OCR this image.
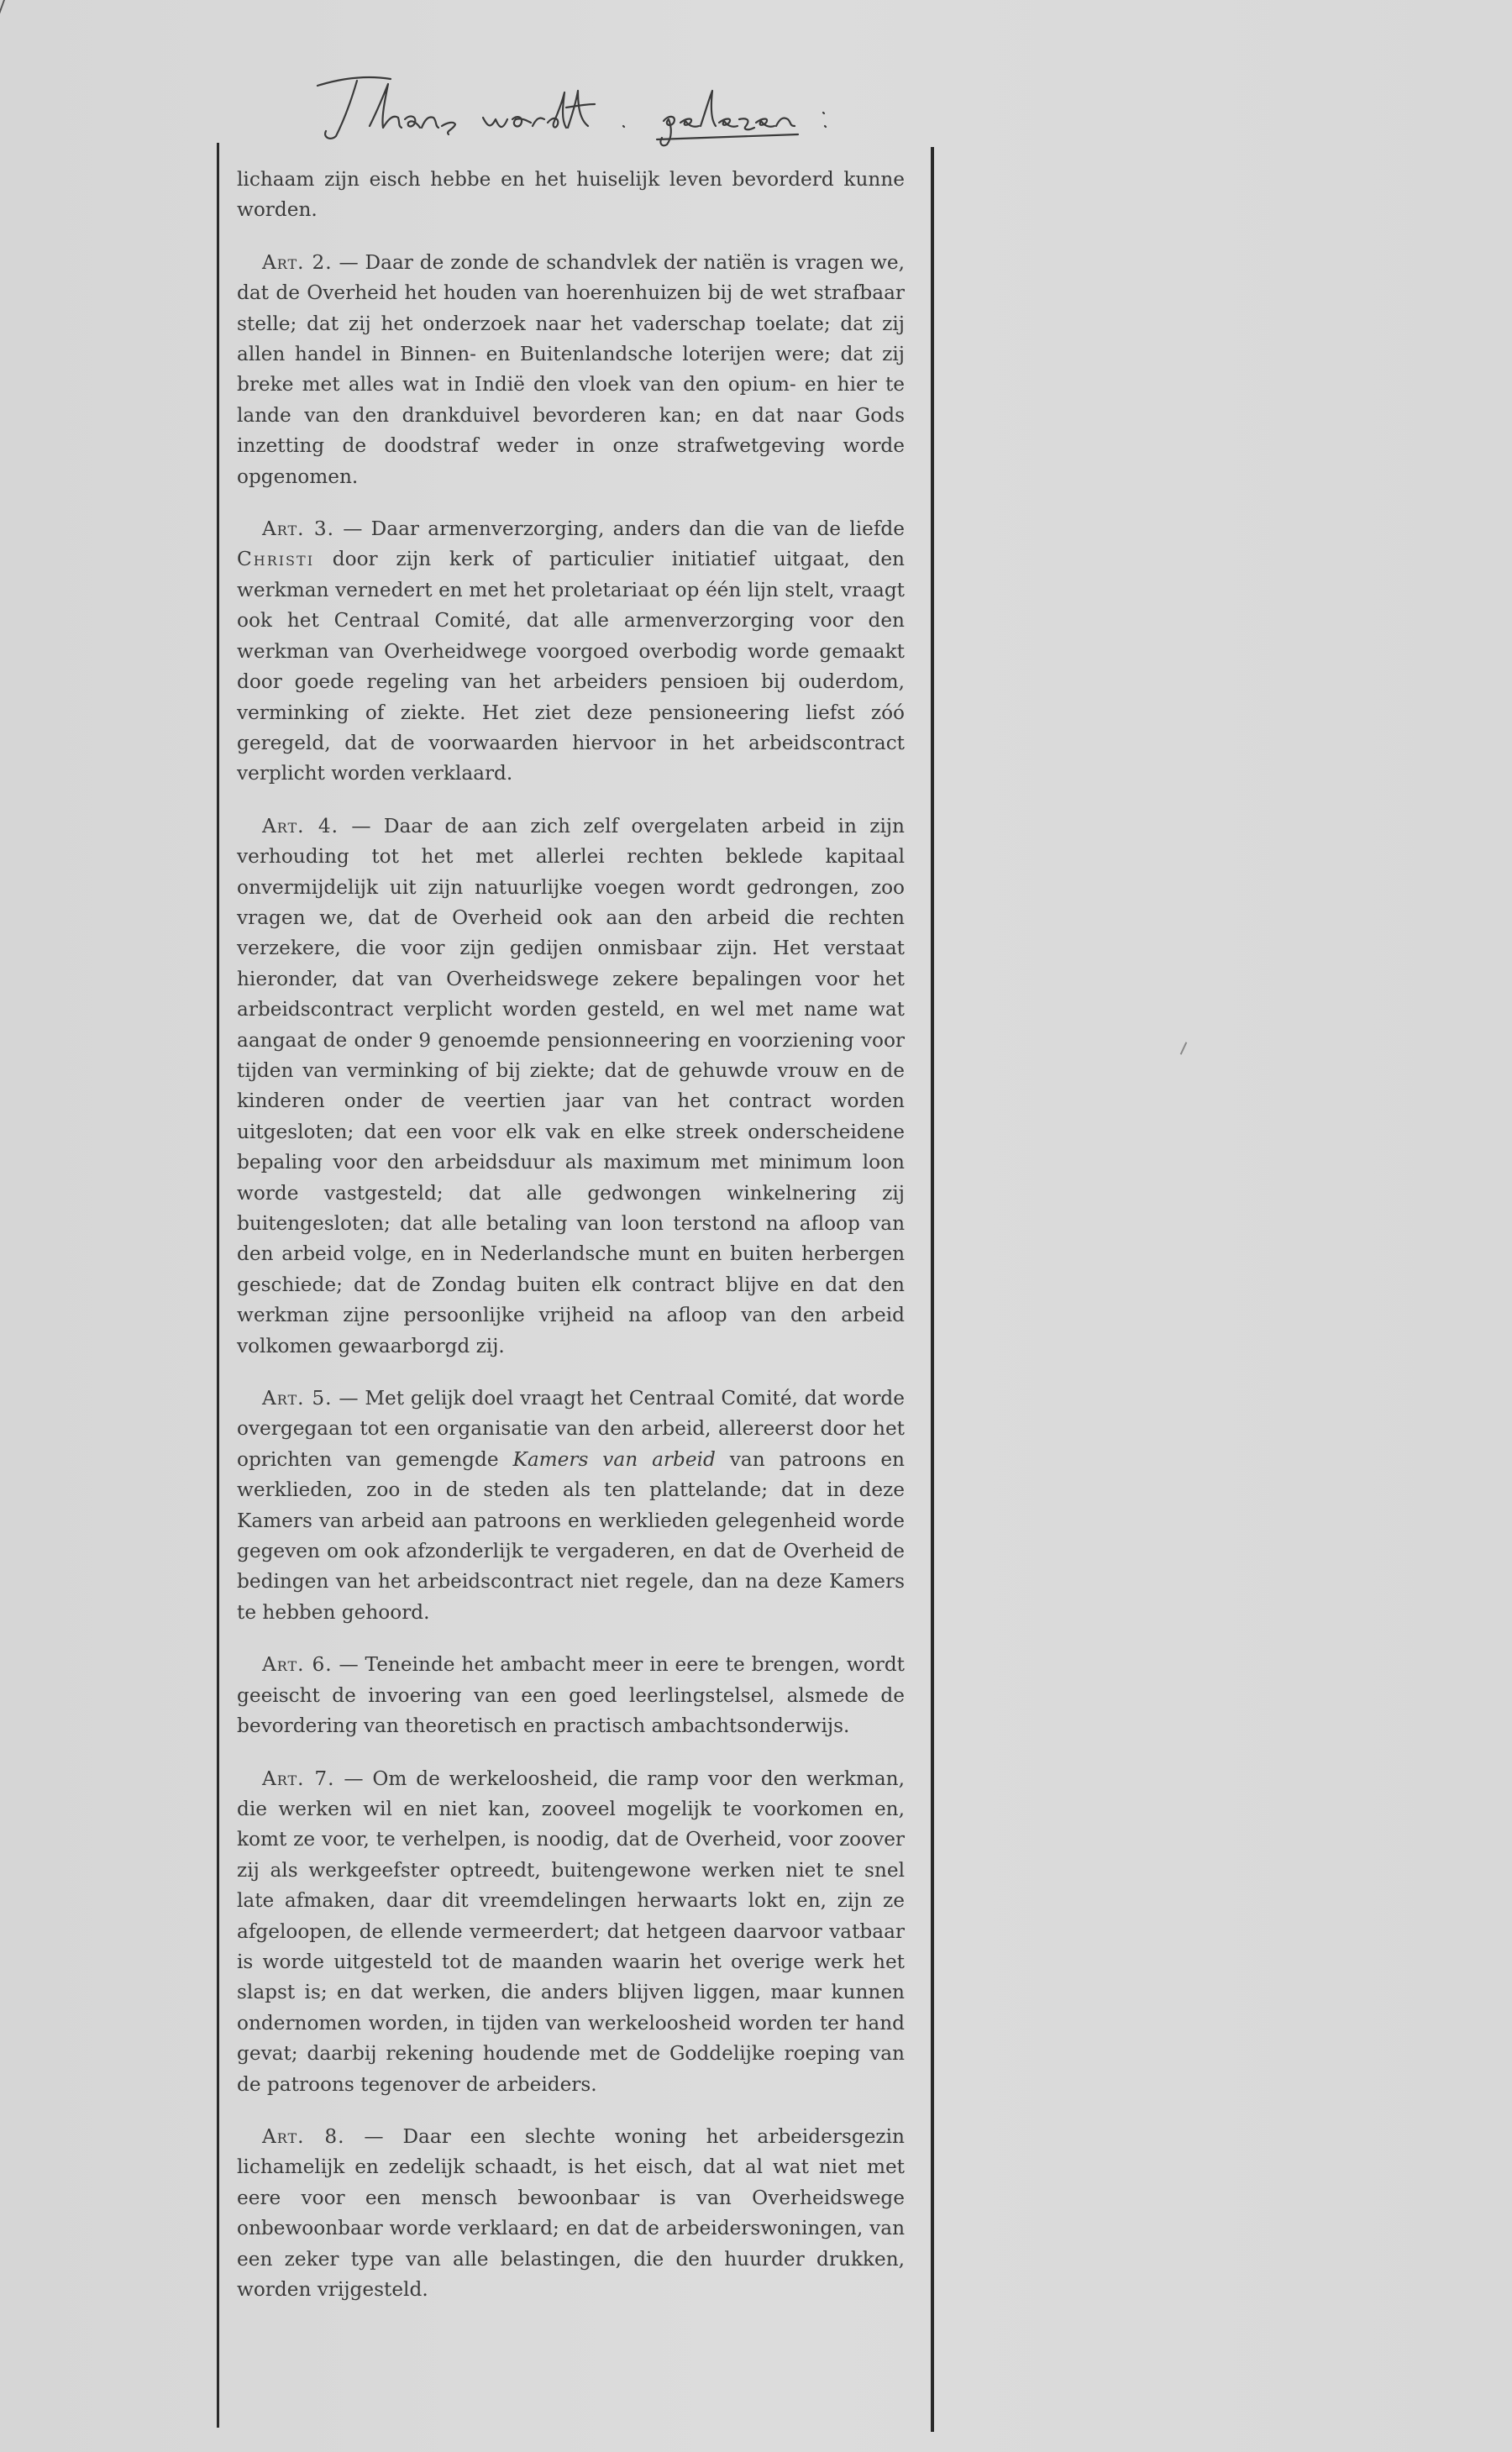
lichaam zijn eisch hebbe en het huiselijk leven bevorderd kunne worden.

Art. 2. — Daar de zonde de schandvlek der natiën is vragen we, dat de Overheid het houden van hoerenhuizen bij de wet strafbaar stelle; dat zij het onderzoek naar het vaderschap toelate; dat zij allen handel in Binnen- en Buitenlandsche loterijen were; dat zij breke met alles wat in Indië den vloek van den opium- en hier te lande van den drankduivel bevorderen kan; en dat naar Gods inzetting de doodstraf weder in onze strafwetgeving worde opgenomen.

Art. 3. — Daar armenverzorging, anders dan die van de liefde Christi door zijn kerk of particulier initiatief uitgaat, den werkman vernedert en met het proletariaat op één lijn stelt, vraagt ook het Centraal Comité, dat alle armenverzorging voor den werkman van Overheidwege voorgoed overbodig worde gemaakt door goede regeling van het arbeiders pensioen bij ouderdom, verminking of ziekte. Het ziet deze pensioneering liefst zóó geregeld, dat de voorwaarden hiervoor in het arbeidscontract verplicht worden verklaard.

Art. 4. — Daar de aan zich zelf overgelaten arbeid in zijn verhouding tot het met allerlei rechten beklede kapitaal onvermijdelijk uit zijn natuurlijke voegen wordt gedrongen, zoo vragen we, dat de Overheid ook aan den arbeid die rechten verzekere, die voor zijn gedijen onmisbaar zijn. Het verstaat hieronder, dat van Overheidswege zekere bepalingen voor het arbeidscontract verplicht worden gesteld, en wel met name wat aangaat de onder 9 genoemde pensionneering en voorziening voor tijden van verminking of bij ziekte; dat de gehuwde vrouw en de kinderen onder de veertien jaar van het contract worden uitgesloten; dat een voor elk vak en elke streek onderscheidene bepaling voor den arbeidsduur als maximum met minimum loon worde vastgesteld; dat alle gedwongen winkelnering zij buitengesloten; dat alle betaling van loon terstond na afloop van den arbeid volge, en in Nederlandsche munt en buiten herbergen geschiede; dat de Zondag buiten elk contract blijve en dat den werkman zijne persoonlijke vrijheid na afloop van den arbeid volkomen gewaarborgd zij.

Art. 5. — Met gelijk doel vraagt het Centraal Comité, dat worde overgegaan tot een organisatie van den arbeid, allereerst door het oprichten van gemengde Kamers van arbeid van patroons en werklieden, zoo in de steden als ten plattelande; dat in deze Kamers van arbeid aan patroons en werklieden gelegenheid worde gegeven om ook afzonderlijk te vergaderen, en dat de Overheid de bedingen van het arbeidscontract niet regele, dan na deze Kamers te hebben gehoord.

Art. 6. — Teneinde het ambacht meer in eere te brengen, wordt geeischt de invoering van een goed leerlingstelsel, alsmede de bevordering van theoretisch en practisch ambachtsonderwijs.

Art. 7. — Om de werkeloosheid, die ramp voor den werkman, die werken wil en niet kan, zooveel mogelijk te voorkomen en, komt ze voor, te verhelpen, is noodig, dat de Overheid, voor zoover zij als werkgeefster optreedt, buitengewone werken niet te snel late afmaken, daar dit vreemdelingen herwaarts lokt en, zijn ze afgeloopen, de ellende vermeerdert; dat hetgeen daarvoor vatbaar is worde uitgesteld tot de maanden waarin het overige werk het slapst is; en dat werken, die anders blijven liggen, maar kunnen ondernomen worden, in tijden van werkeloosheid worden ter hand gevat; daarbij rekening houdende met de Goddelijke roeping van de patroons tegenover de arbeiders.

Art. 8. — Daar een slechte woning het arbeidersgezin lichamelijk en zedelijk schaadt, is het eisch, dat al wat niet met eere voor een mensch bewoonbaar is van Overheidswege onbewoonbaar worde verklaard; en dat de arbeiderswoningen, van een zeker type van alle belastingen, die den huurder drukken, worden vrijgesteld.
